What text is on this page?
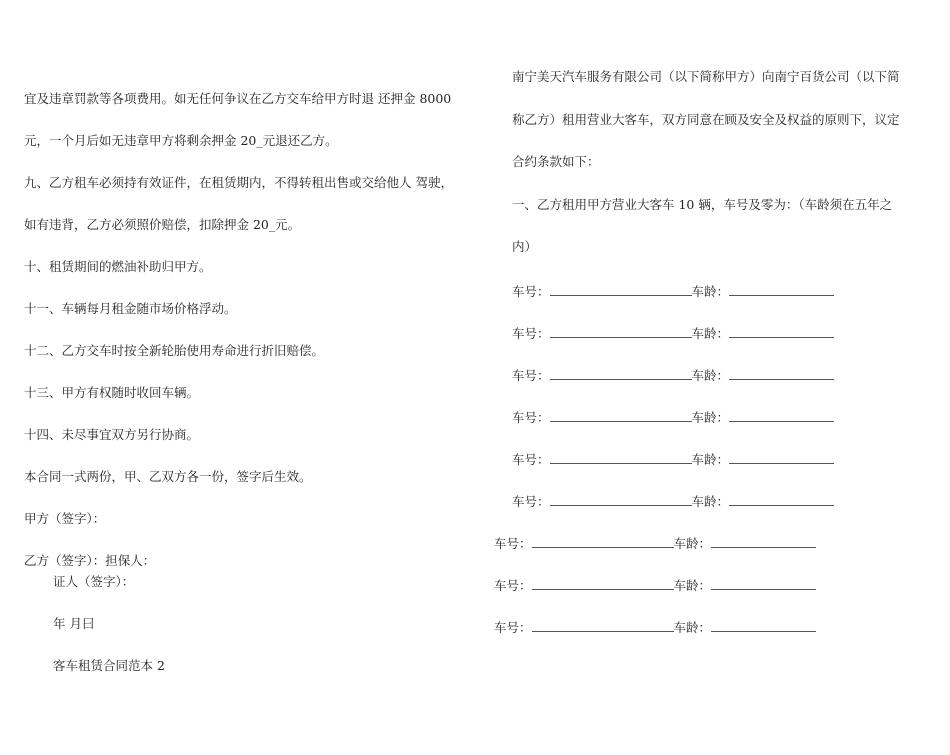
宜及违章罚款等各项费用。如无任何争议在乙方交车给甲方时退 还押金 8000
元，一个月后如无违章甲方将剩余押金 20_元退还乙方。
九、乙方租车必须持有效证件，在租赁期内，不得转租出售或交给他人 驾驶，
如有违背，乙方必须照价赔偿，扣除押金 20_元。
十、租赁期间的燃油补助归甲方。
十一、车辆每月租金随市场价格浮动。
十二、乙方交车时按全新轮胎使用寿命进行折旧赔偿。
十三、甲方有权随时收回车辆。
十四、未尽事宜双方另行协商。
本合同一式两份，甲、乙双方各一份，签字后生效。
甲方（签字）：
乙方（签字）：担保人：
证人（签字）：
年 月曰
客车租赁合同范本 2
南宁美天汽车服务有限公司（以下简称甲方）向南宁百货公司（以下简
称乙方）租用营业大客车，双方同意在顾及安全及权益的原则下，议定
合约条款如下：
一、乙方租用甲方营业大客车 10 辆，车号及零为：（车龄须在五年之
内）
车号：	车龄：
车号：	车龄：
车号：	车龄：
车号：	车龄：
车号：	车龄：
车号：	车龄：
车号：	车龄：
车号：	车龄：
车号：	车龄：
